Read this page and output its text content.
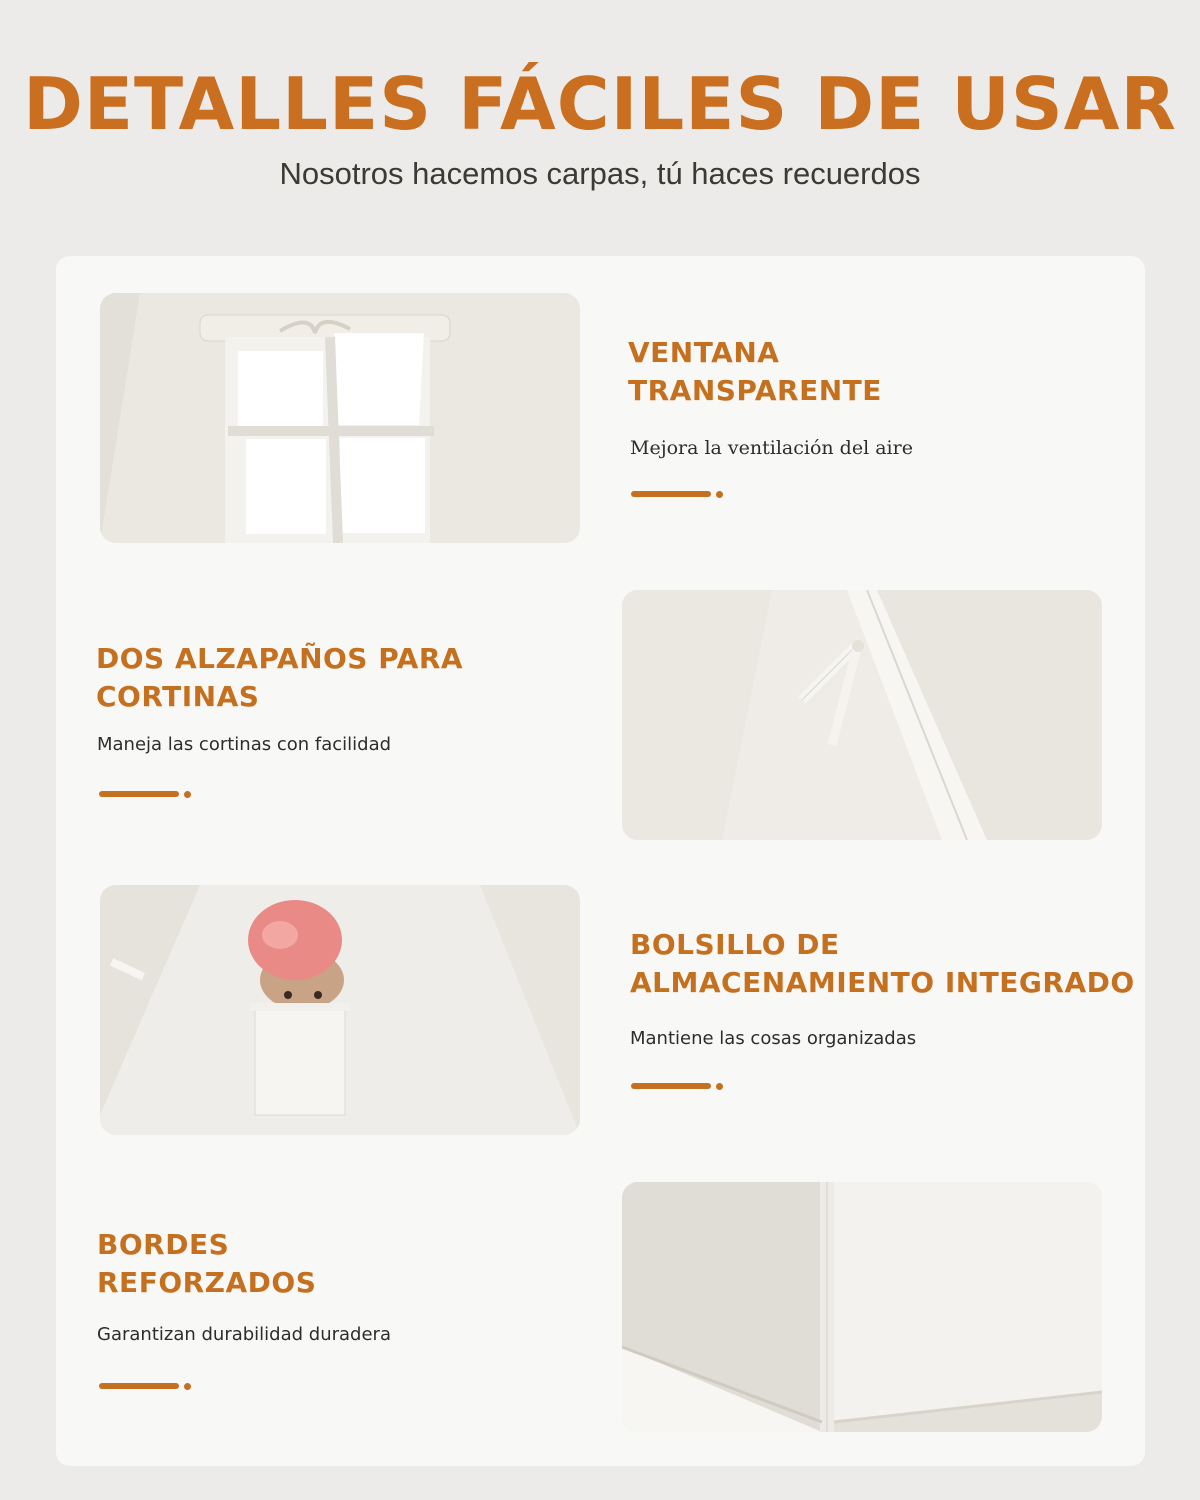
DETALLES FÁCILES DE USAR
Nosotros hacemos carpas, tú haces recuerdos
VENTANA
TRANSPARENTE
Mejora la ventilación del aire
DOS ALZAPAÑOS PARA
CORTINAS
Maneja las cortinas con facilidad
BOLSILLO DE
ALMACENAMIENTO INTEGRADO
Mantiene las cosas organizadas
BORDES
REFORZADOS
Garantizan durabilidad duradera
